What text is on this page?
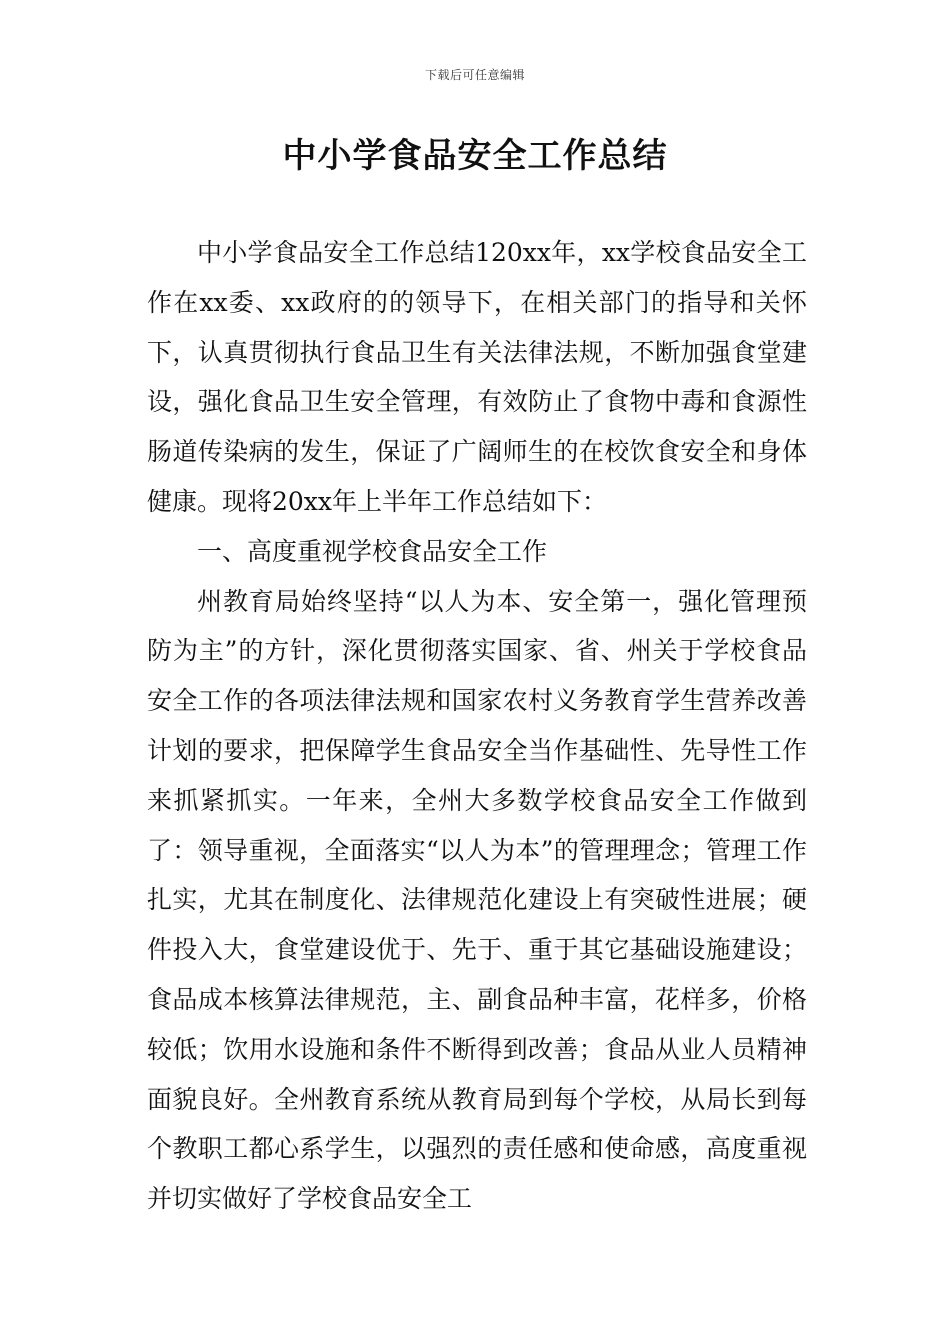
下载后可任意编辑
中小学食品安全工作总结

中小学食品安全工作总结120xx年，xx学校食品安全工作在xx委、xx政府的的领导下，在相关部门的指导和关怀下，认真贯彻执行食品卫生有关法律法规，不断加强食堂建设，强化食品卫生安全管理，有效防止了食物中毒和食源性肠道传染病的发生，保证了广阔师生的在校饮食安全和身体健康。现将20xx年上半年工作总结如下：

一、高度重视学校食品安全工作

州教育局始终坚持“以人为本、安全第一，强化管理预防为主”的方针，深化贯彻落实国家、省、州关于学校食品安全工作的各项法律法规和国家农村义务教育学生营养改善计划的要求，把保障学生食品安全当作基础性、先导性工作来抓紧抓实。一年来，全州大多数学校食品安全工作做到了：领导重视，全面落实“以人为本”的管理理念；管理工作扎实，尤其在制度化、法律规范化建设上有突破性进展；硬件投入大，食堂建设优于、先于、重于其它基础设施建设；食品成本核算法律规范，主、副食品种丰富，花样多，价格较低；饮用水设施和条件不断得到改善；食品从业人员精神面貌良好。全州教育系统从教育局到每个学校，从局长到每个教职工都心系学生，以强烈的责任感和使命感，高度重视并切实做好了学校食品安全工
